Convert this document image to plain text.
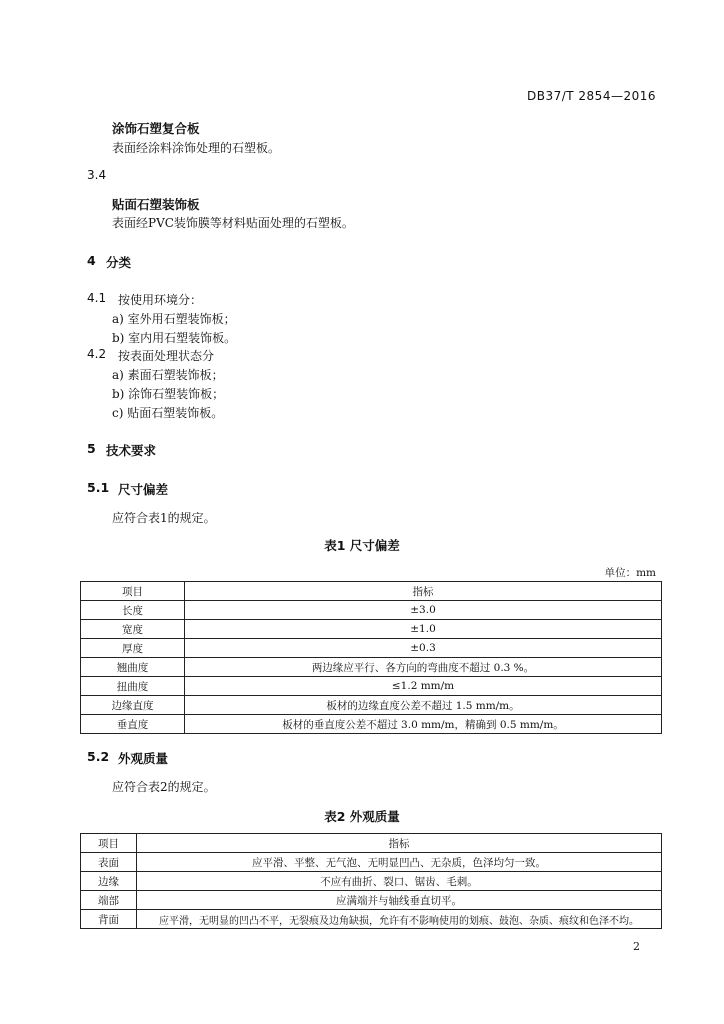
DB37/T 2854—2016
涂饰石塑复合板
表面经涂料涂饰处理的石塑板。
3.4
贴面石塑装饰板
表面经PVC装饰膜等材料贴面处理的石塑板。
4 分类
4.1 按使用环境分：
a) 室外用石塑装饰板；
b) 室内用石塑装饰板。
4.2 按表面处理状态分
a) 素面石塑装饰板；
b) 涂饰石塑装饰板；
c) 贴面石塑装饰板。
5 技术要求
5.1 尺寸偏差
应符合表1的规定。
表1 尺寸偏差
单位：mm
项目	指标
长度	±3.0
宽度	±1.0
厚度	±0.3
翘曲度	两边缘应平行、各方向的弯曲度不超过 0.3 %。
扭曲度	≤1.2 mm/m
边缘直度	板材的边缘直度公差不超过 1.5 mm/m。
垂直度	板材的垂直度公差不超过 3.0 mm/m，精确到 0.5 mm/m。
5.2 外观质量
应符合表2的规定。
表2 外观质量
项目	指标
表面	应平滑、平整、无气泡、无明显凹凸、无杂质，色泽均匀一致。
边缘	不应有曲折、裂口、锯齿、毛刺。
端部	应满端并与轴线垂直切平。
背面	应平滑，无明显的凹凸不平，无裂痕及边角缺损，允许有不影响使用的划痕、鼓泡、杂质、痕纹和色泽不均。
2
